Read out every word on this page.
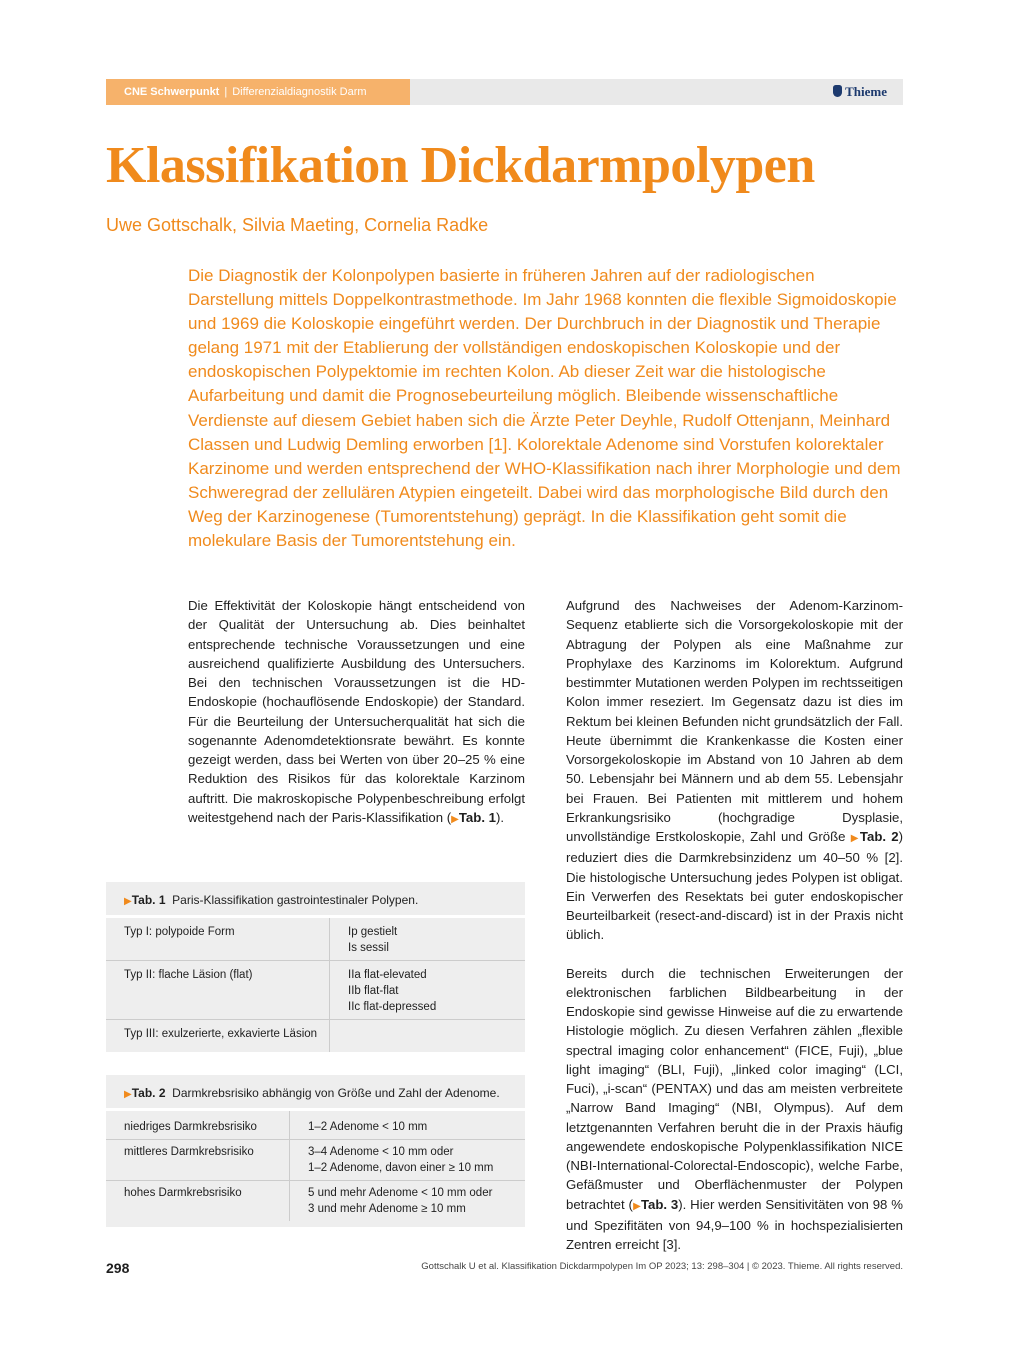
CNE Schwerpunkt | Differenzialdiagnostik Darm	Thieme
Klassifikation Dickdarmpolypen
Uwe Gottschalk, Silvia Maeting, Cornelia Radke

Die Diagnostik der Kolonpolypen basierte in früheren Jahren auf der radiologischen Darstellung mittels Doppelkontrastmethode. Im Jahr 1968 konnten die flexible Sigmoidoskopie und 1969 die Koloskopie eingeführt werden. Der Durchbruch in der Diagnostik und Therapie gelang 1971 mit der Etablierung der vollständigen endoskopischen Koloskopie und der endoskopischen Polypektomie im rechten Kolon. Ab dieser Zeit war die histologische Aufarbeitung und damit die Prognosebeurteilung möglich. Bleibende wissenschaftliche Verdienste auf diesem Gebiet haben sich die Ärzte Peter Deyhle, Rudolf Ottenjann, Meinhard Classen und Ludwig Demling erworben [1]. Kolorektale Adenome sind Vorstufen kolorektaler Karzinome und werden entsprechend der WHO-Klassifikation nach ihrer Morphologie und dem Schweregrad der zellulären Atypien eingeteilt. Dabei wird das morphologische Bild durch den Weg der Karzinogenese (Tumorentstehung) geprägt. In die Klassifikation geht somit die molekulare Basis der Tumorentstehung ein.

Die Effektivität der Koloskopie hängt entscheidend von der Qualität der Untersuchung ab. Dies beinhaltet entsprechende technische Voraussetzungen und eine ausreichend qualifizierte Ausbildung des Untersuchers. Bei den technischen Voraussetzungen ist die HD-Endoskopie (hochauflösende Endoskopie) der Standard. Für die Beurteilung der Untersucherqualität hat sich die sogenannte Adenomdetektionsrate bewährt. Es konnte gezeigt werden, dass bei Werten von über 20–25 % eine Reduktion des Risikos für das kolorektale Karzinom auftritt. Die makroskopische Polypenbeschreibung erfolgt weitestgehend nach der Paris-Klassifikation (▶Tab. 1).

Aufgrund des Nachweises der Adenom-Karzinom-Sequenz etablierte sich die Vorsorgekoloskopie mit der Abtragung der Polypen als eine Maßnahme zur Prophylaxe des Karzinoms im Kolorektum. Aufgrund bestimmter Mutationen werden Polypen im rechtsseitigen Kolon immer reseziert. Im Gegensatz dazu ist dies im Rektum bei kleinen Befunden nicht grundsätzlich der Fall. Heute übernimmt die Krankenkasse die Kosten einer Vorsorgekoloskopie im Abstand von 10 Jahren ab dem 50. Lebensjahr bei Männern und ab dem 55. Lebensjahr bei Frauen. Bei Patienten mit mittlerem und hohem Erkrankungsrisiko (hochgradige Dysplasie, unvollständige Erstkoloskopie, Zahl und Größe ▶Tab. 2) reduziert dies die Darmkrebsinzidenz um 40–50 % [2]. Die histologische Untersuchung jedes Polypen ist obligat. Ein Verwerfen des Resektats bei guter endoskopischer Beurteilbarkeit (resect-and-discard) ist in der Praxis nicht üblich.

Bereits durch die technischen Erweiterungen der elektronischen farblichen Bildbearbeitung in der Endoskopie sind gewisse Hinweise auf die zu erwartende Histologie möglich. Zu diesen Verfahren zählen „flexible spectral imaging color enhancement“ (FICE, Fuji), „blue light imaging“ (BLI, Fuji), „linked color imaging“ (LCI, Fuci), „i-scan“ (PENTAX) und das am meisten verbreitete „Narrow Band Imaging“ (NBI, Olympus). Auf dem letztgenannten Verfahren beruht die in der Praxis häufig angewendete endoskopische Polypenklassifikation NICE (NBI-International-Colorectal-Endoscopic), welche Farbe, Gefäßmuster und Oberflächenmuster der Polypen betrachtet (▶Tab. 3). Hier werden Sensitivitäten von 98 % und Spezifitäten von 94,9–100 % in hochspezialisierten Zentren erreicht [3].

▶Tab. 1 Paris-Klassifikation gastrointestinaler Polypen.
Typ I: polypoide Form	Ip gestielt
Is sessil
Typ II: flache Läsion (flat)	IIa flat-elevated
IIb flat-flat
IIc flat-depressed
Typ III: exulzerierte, exkavierte Läsion
▶Tab. 2 Darmkrebsrisiko abhängig von Größe und Zahl der Adenome.
niedriges Darmkrebsrisiko	1–2 Adenome < 10 mm
mittleres Darmkrebsrisiko	3–4 Adenome < 10 mm oder
1–2 Adenome, davon einer ≥ 10 mm
hohes Darmkrebsrisiko	5 und mehr Adenome < 10 mm oder
3 und mehr Adenome ≥ 10 mm
298	Gottschalk U et al. Klassifikation Dickdarmpolypen Im OP 2023; 13: 298–304 | © 2023. Thieme. All rights reserved.
